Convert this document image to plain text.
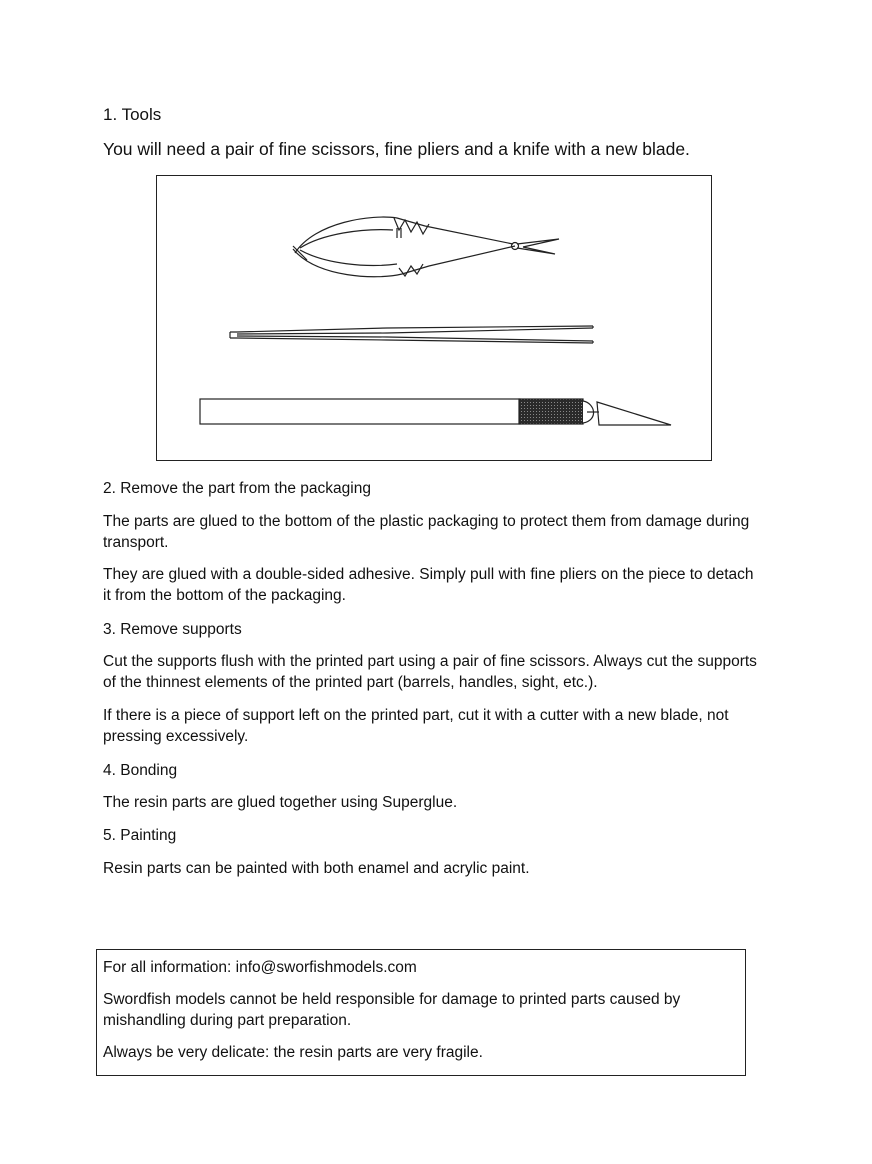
1. Tools

You will need a pair of fine scissors, fine pliers and a knife with a new blade.

2. Remove the part from the packaging

The parts are glued to the bottom of the plastic packaging to protect them from damage during transport.

They are glued with a double-sided adhesive. Simply pull with fine pliers on the piece to detach it from the bottom of the packaging.

3. Remove supports

Cut the supports flush with the printed part using a pair of fine scissors. Always cut the supports of the thinnest elements of the printed part (barrels, handles, sight, etc.).

If there is a piece of support left on the printed part, cut it with a cutter with a new blade, not pressing excessively.

4. Bonding

The resin parts are glued together using Superglue.

5. Painting

Resin parts can be painted with both enamel and acrylic paint.

For all information: info@sworfishmodels.com

Swordfish models cannot be held responsible for damage to printed parts caused by mishandling during part preparation.

Always be very delicate: the resin parts are very fragile.
